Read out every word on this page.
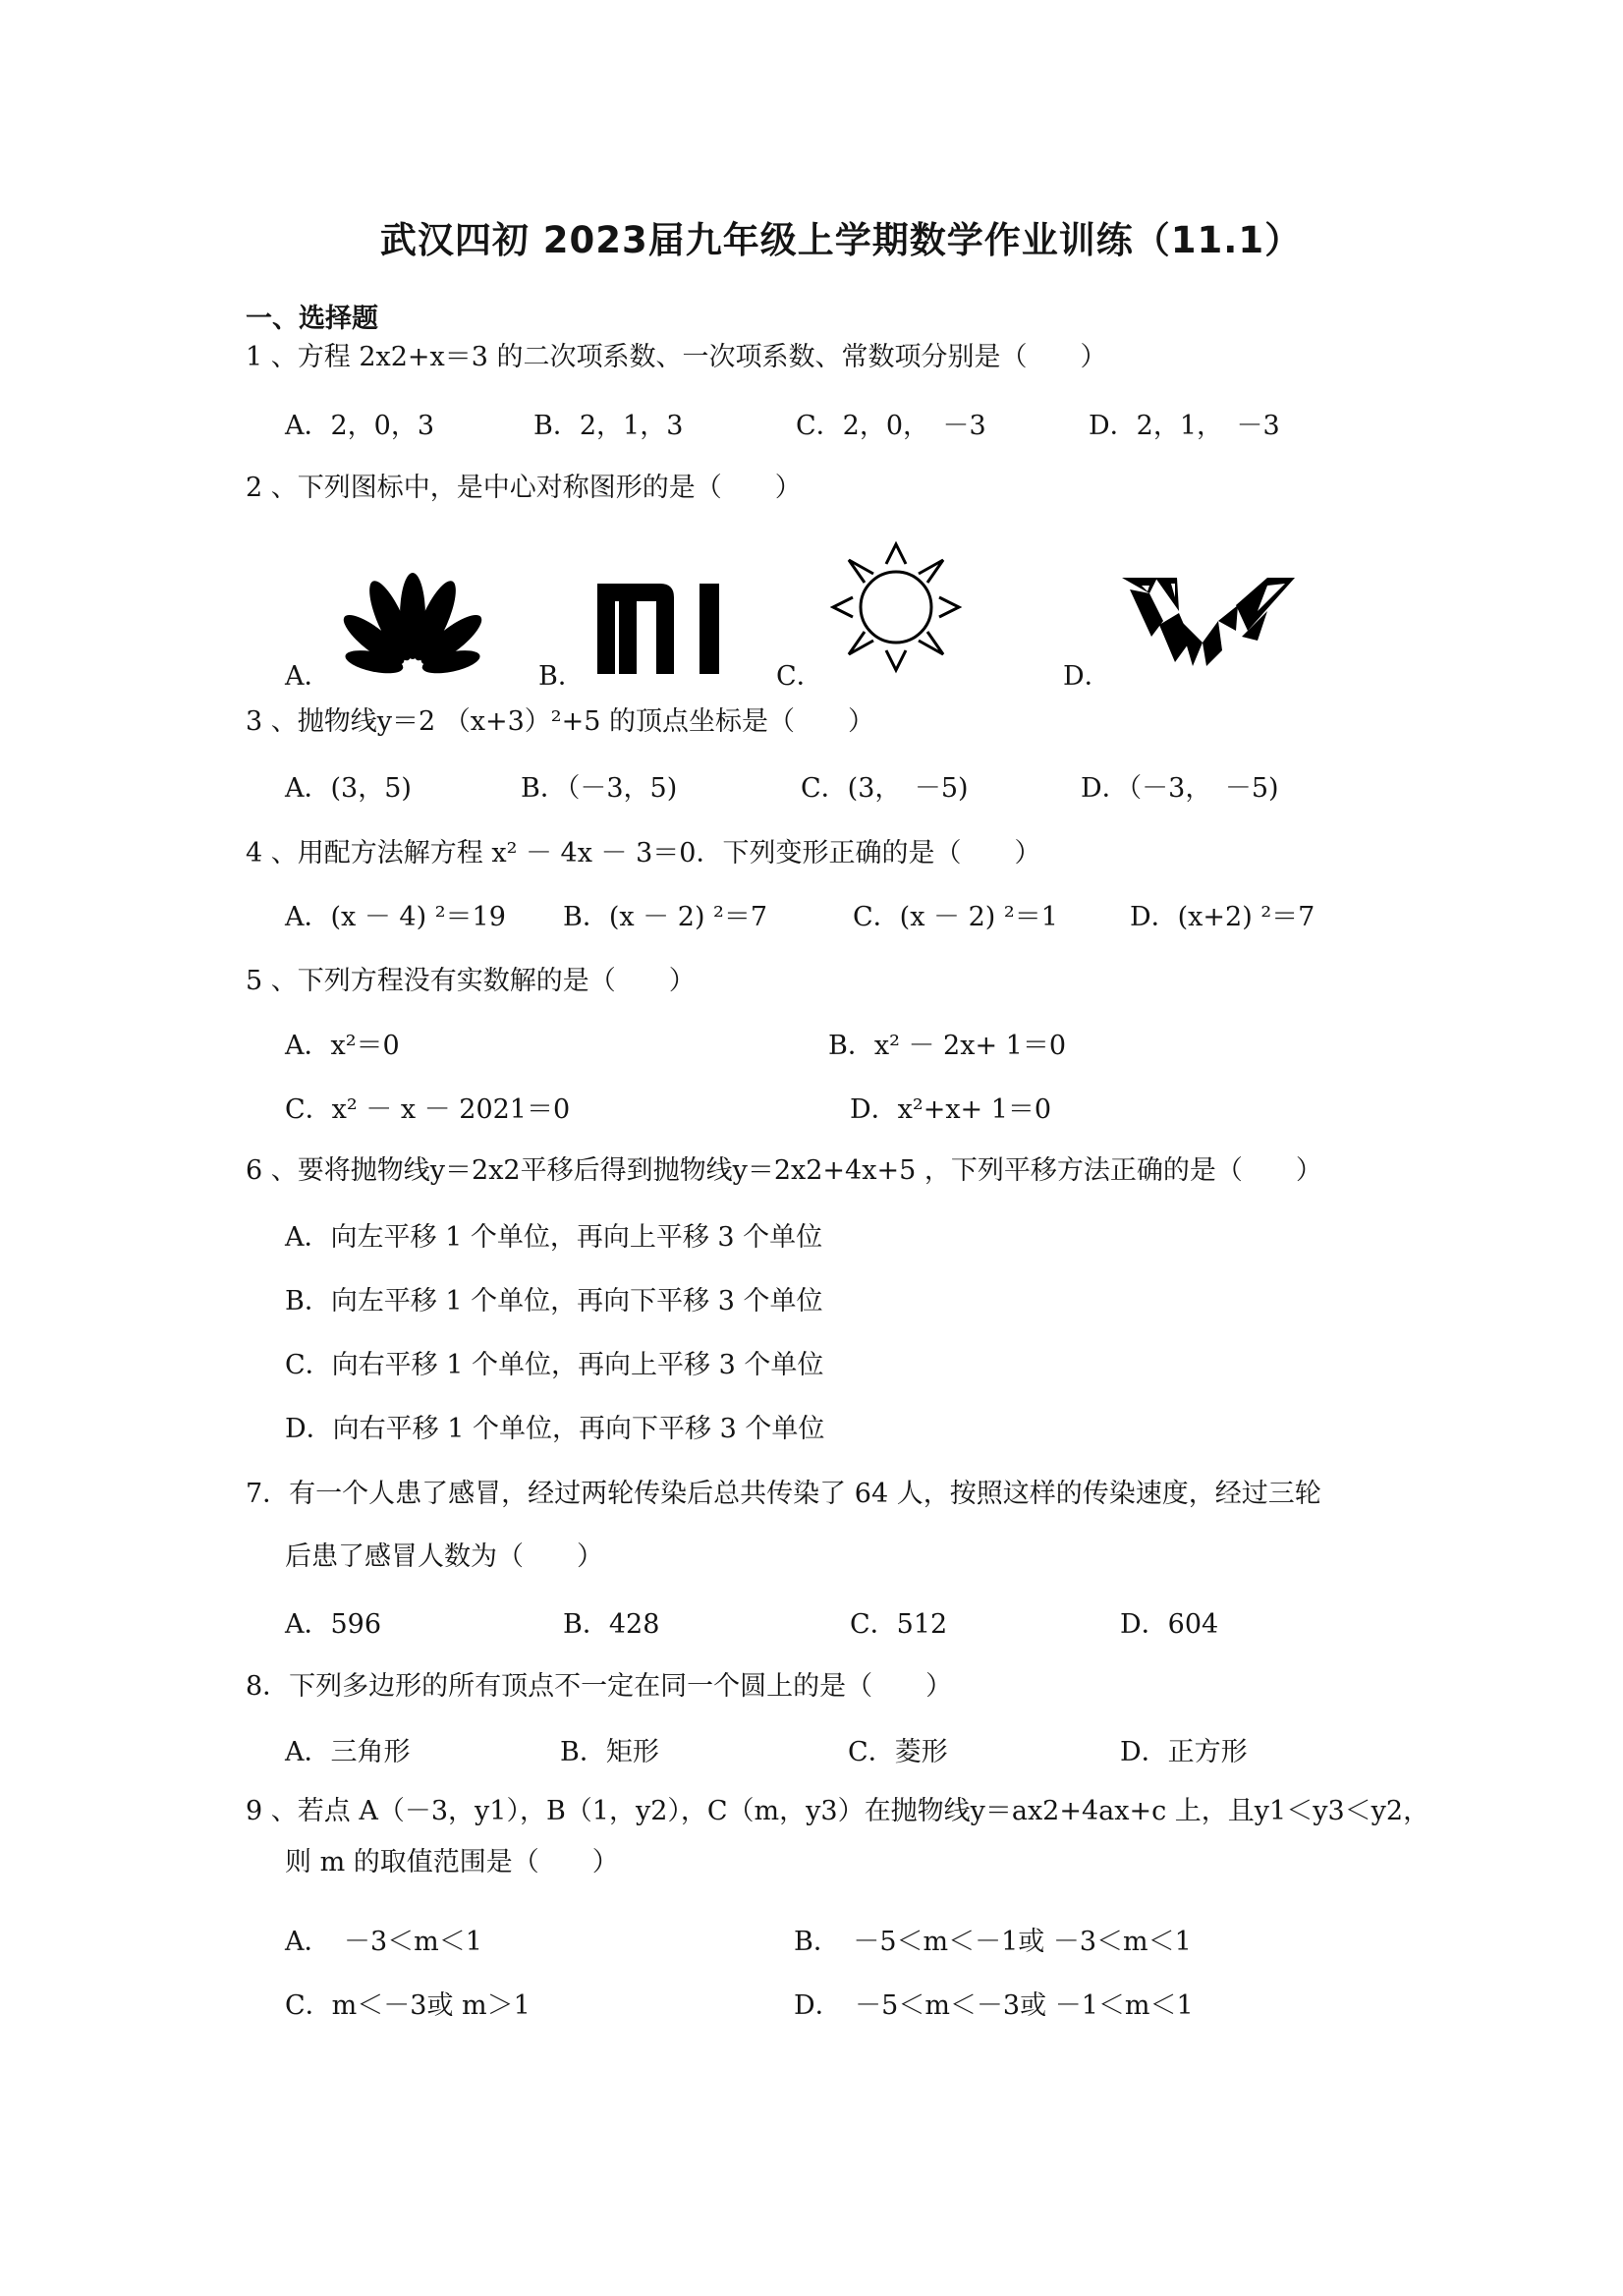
武汉四初 2023届九年级上学期数学作业训练（11.1）
一、选择题
1 、方程 2x2+x＝3 的二次项系数、一次项系数、常数项分别是（　　）
A．2，0，3	B．2，1，3	C．2，0，　－3	D．2，1，　－3
2 、下列图标中，是中心对称图形的是（　　）
A．	B．	C．	D．
3 、抛物线y＝2 （x+3）²+5 的顶点坐标是（　　）
A．(3，5)	B．（－3，5)	C．(3，　－5)	D．（－3，　－5)
4 、用配方法解方程 x² － 4x － 3＝0．下列变形正确的是（　　）
A．(x － 4) ²＝19 B．(x － 2) ²＝7	C．(x － 2) ²＝1	D．(x+2) ²＝7
5 、下列方程没有实数解的是（　　）
A．x²＝0	B．x² － 2x+ 1＝0
C．x² － x － 2021＝0	D．x²+x+ 1＝0
6 、要将抛物线y＝2x2平移后得到抛物线y＝2x2+4x+5 ，下列平移方法正确的是（　　）
A．向左平移 1 个单位，再向上平移 3 个单位
B．向左平移 1 个单位，再向下平移 3 个单位
C．向右平移 1 个单位，再向上平移 3 个单位
D．向右平移 1 个单位，再向下平移 3 个单位
7．有一个人患了感冒，经过两轮传染后总共传染了 64 人，按照这样的传染速度，经过三轮
后患了感冒人数为（　　）
A．596	B．428	C．512	D．604
8．下列多边形的所有顶点不一定在同一个圆上的是（　　）
A．三角形	B．矩形	C．菱形	D．正方形
9 、若点 A（－3，y1），B（1，y2），C（m，y3）在抛物线y＝ax2+4ax+c 上，且y1＜y3＜y2，
则 m 的取值范围是（　　）
A．　－3＜m＜1	B．　－5＜m＜－1或 －3＜m＜1
C．m＜－3或 m＞1	D．　－5＜m＜－3或 －1＜m＜1
